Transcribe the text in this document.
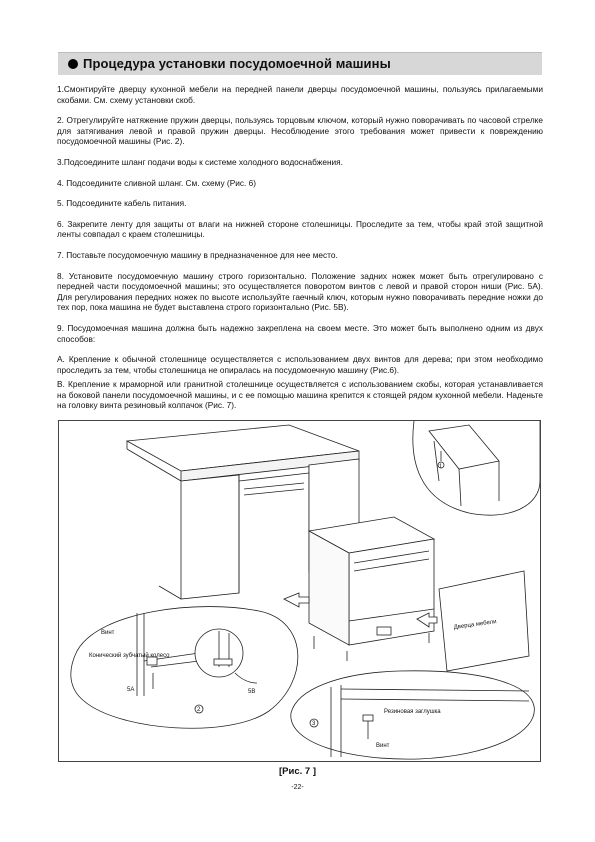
Процедура установки посудомоечной машины

1.Смонтируйте дверцу кухонной мебели на передней панели дверцы посудомоечной машины, пользуясь прилагаемыми скобами. См. схему установки скоб.

2. Отрегулируйте натяжение пружин дверцы, пользуясь торцовым ключом, который нужно поворачивать по часовой стрелке для затягивания левой и правой пружин дверцы. Несоблюдение этого требования может привести к повреждению посудомоечной машины (Рис. 2).

3.Подсоедините шланг подачи воды к системе холодного водоснабжения.

4. Подсоедините сливной шланг. См. схему (Рис. 6)

5. Подсоедините кабель питания.

6. Закрепите ленту для защиты от влаги на нижней стороне столешницы. Проследите за тем, чтобы край этой защитной ленты совпадал с краем столешницы.

7. Поставьте посудомоечную машину в предназначенное для нее место.

8. Установите посудомоечную машину строго горизонтально. Положение задних ножек может быть отрегулировано с передней части посудомоечной машины; это осуществляется поворотом винтов с левой и правой сторон ниши (Рис. 5А). Для регулирования передних ножек по высоте используйте гаечный ключ, которым нужно поворачивать передние ножки до тех пор, пока машина не будет выставлена строго горизонтально (Рис. 5В).

9. Посудомоечная машина должна быть надежно закреплена на своем месте. Это может быть выполнено одним из двух способов:

А. Крепление к обычной столешнице осуществляется с использованием двух винтов для дерева; при этом необходимо проследить за тем, чтобы столешница не опиралась на посудомоечную машину (Рис.6).

В. Крепление к мраморной или гранитной столешнице осуществляется с использованием скобы, которая устанавливается на боковой панели посудомоечной машины, и с ее помощью машина крепится к стоящей рядом кухонной мебели. Наденьте на головку винта резиновый колпачок (Рис. 7).

Дверца мебели
Винт
Конический зубчатый колесо
5А	5В
Резиновая заглушка
Винт
1
2
3
[Рис. 7 ]
-22-
